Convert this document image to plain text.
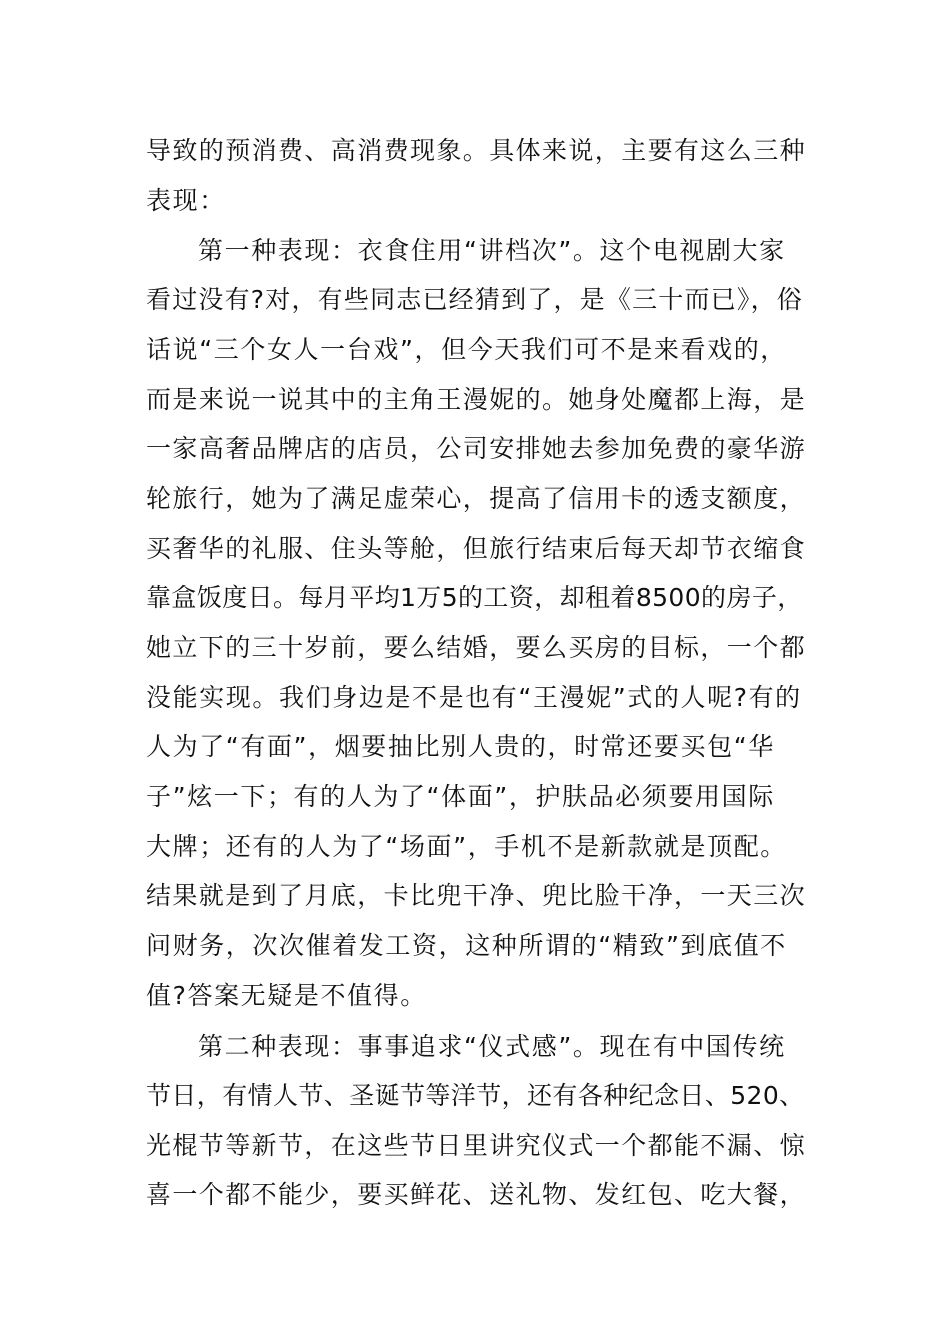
导致的预消费、高消费现象。具体来说，主要有这么三种
表现：
第一种表现：衣食住用“讲档次”。这个电视剧大家
看过没有?对，有些同志已经猜到了，是《三十而已》，俗
话说“三个女人一台戏”，但今天我们可不是来看戏的，
而是来说一说其中的主角王漫妮的。她身处魔都上海，是
一家高奢品牌店的店员，公司安排她去参加免费的豪华游
轮旅行，她为了满足虚荣心，提高了信用卡的透支额度，
买奢华的礼服、住头等舱，但旅行结束后每天却节衣缩食
靠盒饭度日。每月平均1万5的工资，却租着8500的房子，
她立下的三十岁前，要么结婚，要么买房的目标，一个都
没能实现。我们身边是不是也有“王漫妮”式的人呢?有的
人为了“有面”，烟要抽比别人贵的，时常还要买包“华
子”炫一下；有的人为了“体面”，护肤品必须要用国际
大牌；还有的人为了“场面”，手机不是新款就是顶配。
结果就是到了月底，卡比兜干净、兜比脸干净，一天三次
问财务，次次催着发工资，这种所谓的“精致”到底值不
值?答案无疑是不值得。
第二种表现：事事追求“仪式感”。现在有中国传统
节日，有情人节、圣诞节等洋节，还有各种纪念日、520、
光棍节等新节，在这些节日里讲究仪式一个都能不漏、惊
喜一个都不能少，要买鲜花、送礼物、发红包、吃大餐，
